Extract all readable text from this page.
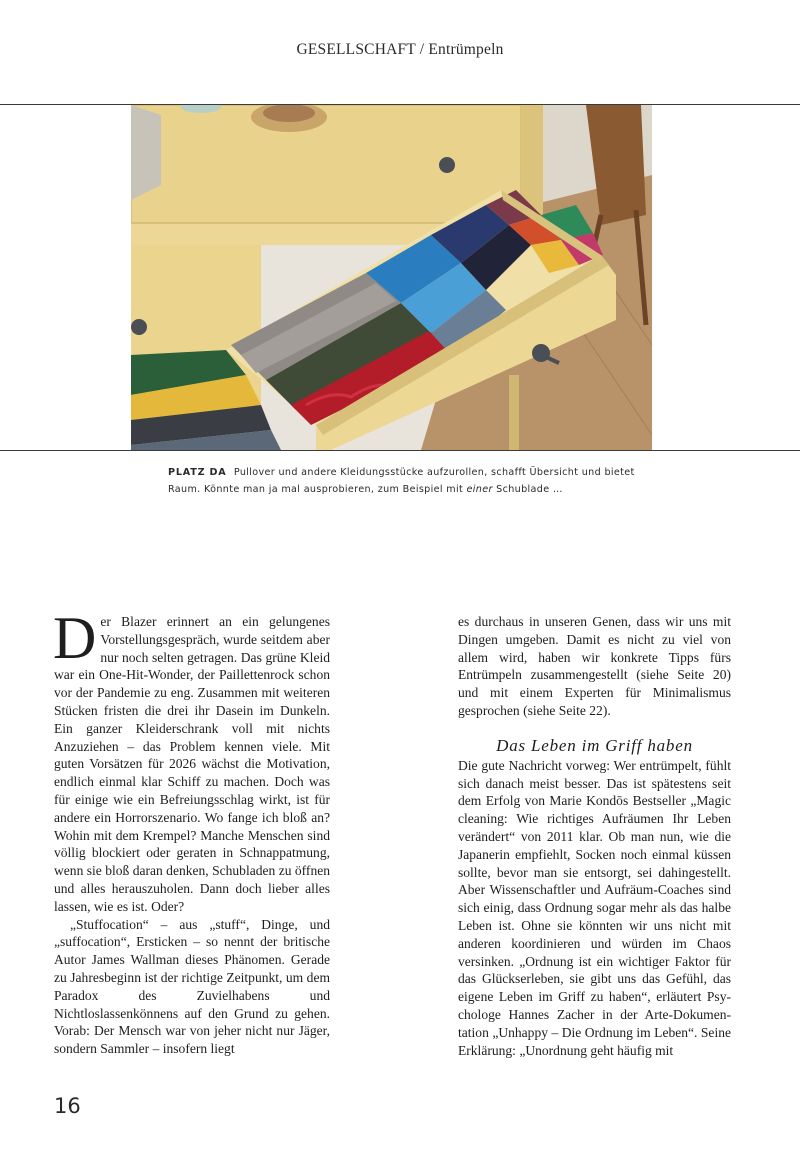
GESELLSCHAFT / Entrümpeln
PLATZ DA Pullover und andere Kleidungsstücke aufzurollen, schafft Übersicht und bietet Raum. Könnte man ja mal ausprobieren, zum Beispiel mit einer Schublade …

Der Blazer erinnert an ein gelungenes Vorstellungsgespräch, wurde seitdem aber nur noch selten getragen. Das grüne Kleid war ein One-Hit-Wonder, der Paillettenrock schon vor der Pandemie zu eng. Zusammen mit weiteren Stücken fristen die drei ihr Dasein im Dunkeln. Ein ganzer Kleiderschrank voll mit nichts Anzuziehen – das Problem kennen viele. Mit guten Vorsätzen für 2026 wächst die Motivation, endlich einmal klar Schiff zu machen. Doch was für einige wie ein Befreiungsschlag wirkt, ist für andere ein Horrorszenario. Wo fange ich bloß an? Wohin mit dem Krempel? Manche Menschen sind völlig blockiert oder geraten in Schnappatmung, wenn sie bloß daran denken, Schubladen zu öffnen und alles herauszuholen. Dann doch lieber alles lassen, wie es ist. Oder?

„Stuffocation“ – aus „stuff“, Dinge, und „suffocation“, Ersticken – so nennt der britische Autor James Wallman dieses Phänomen. Gerade zu Jahresbeginn ist der richtige Zeitpunkt, um dem Paradox des Zuvielhabens und Nichtloslassenkönnens auf den Grund zu gehen. Vorab: Der Mensch war von jeher nicht nur Jäger, sondern Sammler – insofern liegt

es durchaus in unseren Genen, dass wir uns mit Dingen umgeben. Damit es nicht zu viel von allem wird, haben wir konkrete Tipps fürs Entrümpeln zusammengestellt (siehe Seite 20) und mit einem Experten für Minimalismus gesprochen (siehe Seite 22).

Das Leben im Griff haben

Die gute Nachricht vorweg: Wer entrümpelt, fühlt sich danach meist besser. Das ist spätestens seit dem Erfolg von Marie Kondōs Bestseller „Magic cleaning: Wie richtiges Aufräumen Ihr Leben verändert“ von 2011 klar. Ob man nun, wie die Japanerin empfiehlt, Socken noch einmal küssen sollte, bevor man sie entsorgt, sei dahingestellt. Aber Wissenschaftler und Aufräum-Coaches sind sich einig, dass Ordnung sogar mehr als das halbe Leben ist. Ohne sie könnten wir uns nicht mit anderen koordinieren und würden im Chaos versinken. „Ordnung ist ein wichtiger Faktor für das Glückserleben, sie gibt uns das Gefühl, das eigene Leben im Griff zu haben“, erläutert Psychologe Hannes Zacher in der Arte-Dokumentation „Unhappy – Die Ordnung im Leben“. Seine Erklärung: „Unordnung geht häufig mit

16
